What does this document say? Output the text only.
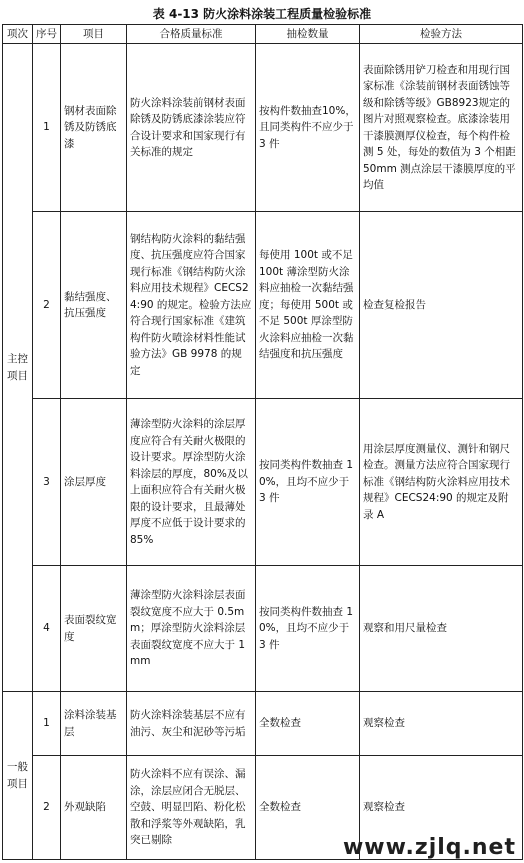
表 4-13 防火涂料涂装工程质量检验标准
项次	序号	项目	合格质量标准	抽检数量	检验方法
主控项目	1	钢材表面除锈及防锈底漆	防火涂料涂装前钢材表面除锈及防锈底漆涂装应符合设计要求和国家现行有关标准的规定	按构件数抽查10%，且同类构件不应少于 3 件	表面除锈用铲刀检查和用现行国家标准《涂装前钢材表面锈蚀等级和除锈等级》GB8923规定的图片对照观察检查。底漆涂装用干漆膜测厚仪检查，每个构件检测 5 处，每处的数值为 3 个相距 50mm 测点涂层干漆膜厚度的平均值
	2	黏结强度、抗压强度	钢结构防火涂料的黏结强度、抗压强度应符合国家现行标准《钢结构防火涂料应用技术规程》CECS24:90 的规定。检验方法应符合现行国家标准《建筑构件防火喷涂材料性能试验方法》GB 9978 的规定	每使用 100t 或不足 100t 薄涂型防火涂料应抽检一次黏结强度；每使用 500t 或不足 500t 厚涂型防火涂料应抽检一次黏结强度和抗压强度	检查复检报告
	3	涂层厚度	薄涂型防火涂料的涂层厚度应符合有关耐火极限的设计要求。厚涂型防火涂料涂层的厚度，80%及以上面积应符合有关耐火极限的设计要求，且最薄处厚度不应低于设计要求的 85%	按同类构件数抽查 10%，且均不应少于 3 件	用涂层厚度测量仪、测针和钢尺检查。测量方法应符合国家现行标准《钢结构防火涂料应用技术规程》CECS24:90 的规定及附录 A
	4	表面裂纹宽度	薄涂型防火涂料涂层表面裂纹宽度不应大于 0.5mm；厚涂型防火涂料涂层表面裂纹宽度不应大于 1mm	按同类构件数抽查 10%，且均不应少于 3 件	观察和用尺量检查
一般项目	1	涂料涂装基层	防火涂料涂装基层不应有油污、灰尘和泥砂等污垢	全数检查	观察检查
	2	外观缺陷	防火涂料不应有误涂、漏涂，涂层应闭合无脱层、空鼓、明显凹陷、粉化松散和浮浆等外观缺陷，乳突已剔除	全数检查	观察检查
www.zjlq.net
